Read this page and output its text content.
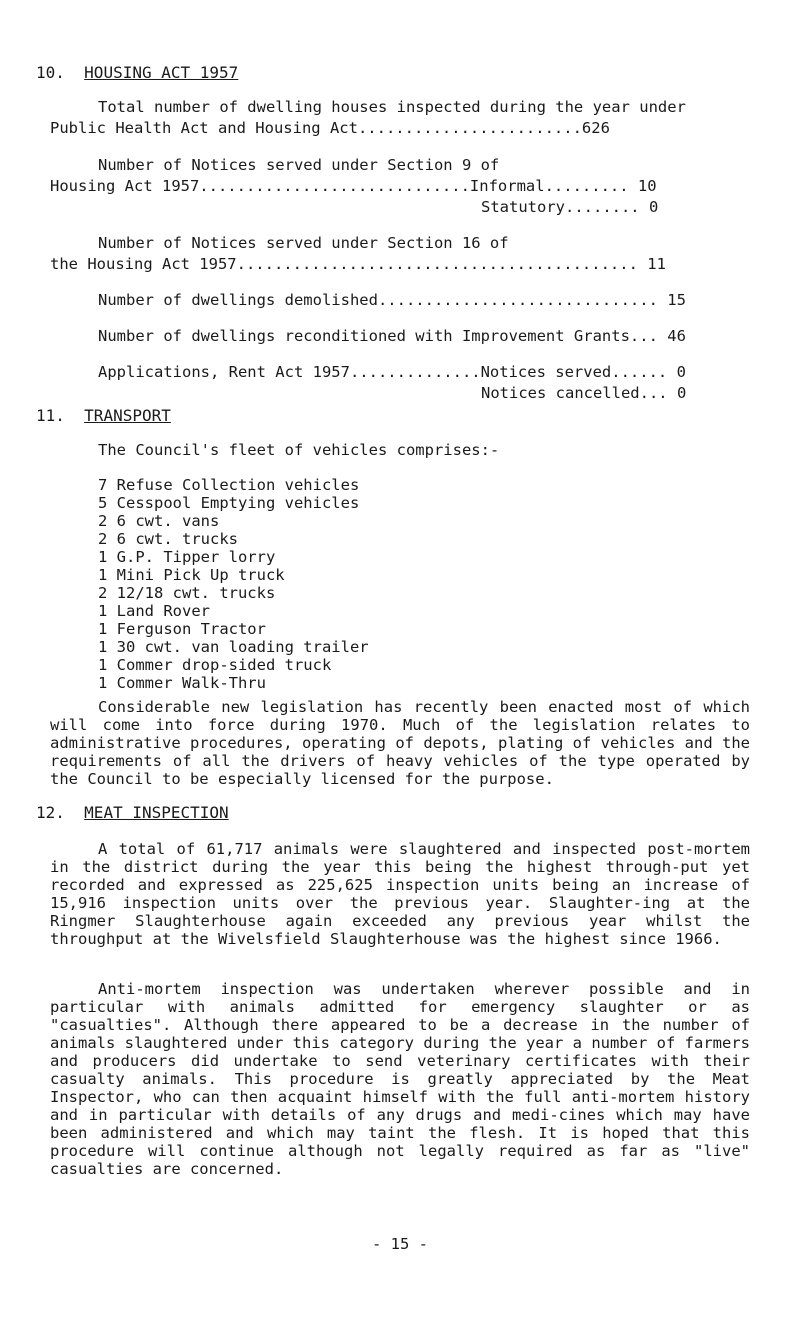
10. HOUSING ACT 1957
Total number of dwelling houses inspected during the year under
Public Health Act and Housing Act........................626
Number of Notices served under Section 9 of
Housing Act 1957.............................Informal......... 10
Statutory........ 0
Number of Notices served under Section 16 of
the Housing Act 1957........................................... 11
Number of dwellings demolished.............................. 15
Number of dwellings reconditioned with Improvement Grants... 46
Applications, Rent Act 1957..............Notices served...... 0
Notices cancelled... 0
11. TRANSPORT
The Council's fleet of vehicles comprises:-
7 Refuse Collection vehicles
5 Cesspool Emptying vehicles
2 6 cwt. vans
2 6 cwt. trucks
1 G.P. Tipper lorry
1 Mini Pick Up truck
2 12/18 cwt. trucks
1 Land Rover
1 Ferguson Tractor
1 30 cwt. van loading trailer
1 Commer drop-sided truck
1 Commer Walk-Thru
Considerable new legislation has recently been enacted most of which will come into force during 1970. Much of the legislation relates to administrative procedures, operating of depots, plating of vehicles and the requirements of all the drivers of heavy vehicles of the type operated by the Council to be especially licensed for the purpose.
12. MEAT INSPECTION
A total of 61,717 animals were slaughtered and inspected post-mortem in the district during the year this being the highest through-put yet recorded and expressed as 225,625 inspection units being an increase of 15,916 inspection units over the previous year. Slaughter-ing at the Ringmer Slaughterhouse again exceeded any previous year whilst the throughput at the Wivelsfield Slaughterhouse was the highest since 1966.
Anti-mortem inspection was undertaken wherever possible and in particular with animals admitted for emergency slaughter or as "casualties". Although there appeared to be a decrease in the number of animals slaughtered under this category during the year a number of farmers and producers did undertake to send veterinary certificates with their casualty animals. This procedure is greatly appreciated by the Meat Inspector, who can then acquaint himself with the full anti-mortem history and in particular with details of any drugs and medi-cines which may have been administered and which may taint the flesh. It is hoped that this procedure will continue although not legally required as far as "live" casualties are concerned.
- 15 -
